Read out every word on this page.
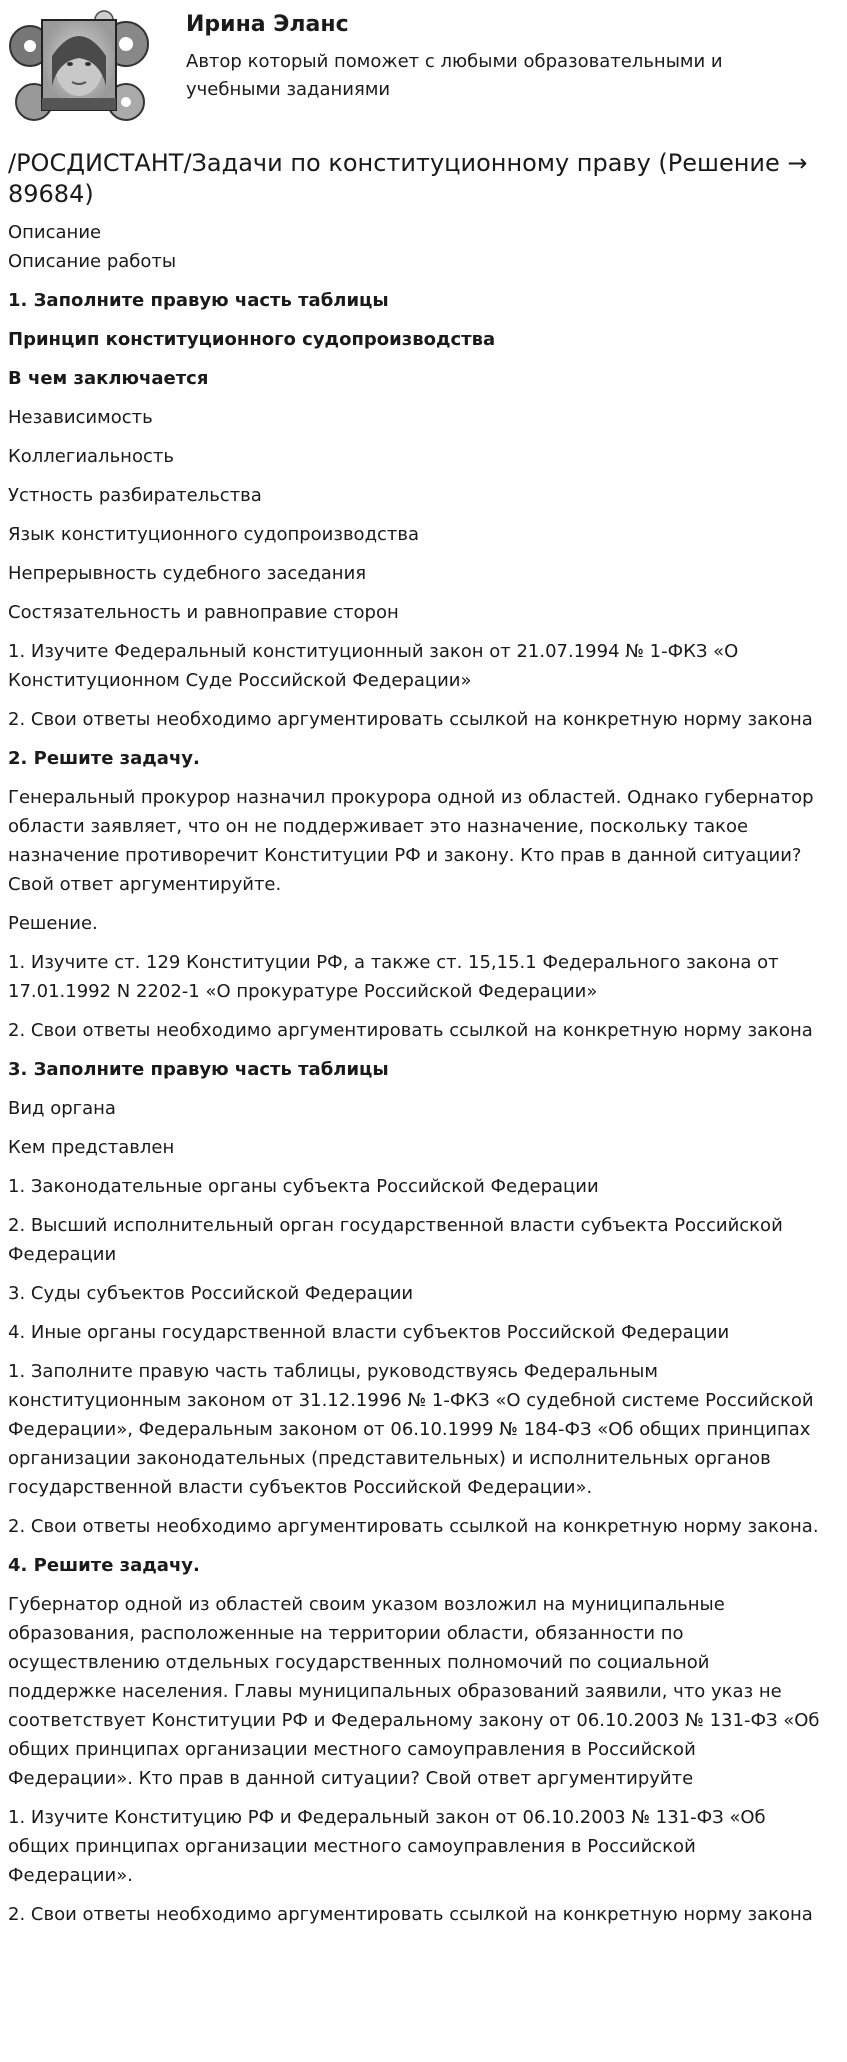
Ирина Эланс

Автор который поможет с любыми образовательными и учебными заданиями

/РОСДИСТАНТ/Задачи по конституционному праву (Решение → 89684)

Описание

Описание работы

1. Заполните правую часть таблицы

Принцип конституционного судопроизводства

В чем заключается

Независимость

Коллегиальность

Устность разбирательства

Язык конституционного судопроизводства

Непрерывность судебного заседания

Состязательность и равноправие сторон

1. Изучите Федеральный конституционный закон от 21.07.1994 № 1-ФКЗ «О Конституционном Суде Российской Федерации»

2. Свои ответы необходимо аргументировать ссылкой на конкретную норму закона

2. Решите задачу.

Генеральный прокурор назначил прокурора одной из областей. Однако губернатор области заявляет, что он не поддерживает это назначение, поскольку такое назначение противоречит Конституции РФ и закону. Кто прав в данной ситуации? Свой ответ аргументируйте.

Решение.

1. Изучите ст. 129 Конституции РФ, а также ст. 15,15.1 Федерального закона от 17.01.1992 N 2202-1 «О прокуратуре Российской Федерации»

2. Свои ответы необходимо аргументировать ссылкой на конкретную норму закона

3. Заполните правую часть таблицы

Вид органа

Кем представлен

1. Законодательные органы субъекта Российской Федерации

2. Высший исполнительный орган государственной власти субъекта Российской Федерации

3. Суды субъектов Российской Федерации

4. Иные органы государственной власти субъектов Российской Федерации

1. Заполните правую часть таблицы, руководствуясь Федеральным конституционным законом от 31.12.1996 № 1-ФКЗ «О судебной системе Российской Федерации», Федеральным законом от 06.10.1999 № 184-ФЗ «Об общих принципах организации законодательных (представительных) и исполнительных органов государственной власти субъектов Российской Федерации».

2. Свои ответы необходимо аргументировать ссылкой на конкретную норму закона.

4. Решите задачу.

Губернатор одной из областей своим указом возложил на муниципальные образования, расположенные на территории области, обязанности по осуществлению отдельных государственных полномочий по социальной поддержке населения. Главы муниципальных образований заявили, что указ не соответствует Конституции РФ и Федеральному закону от 06.10.2003 № 131-ФЗ «Об общих принципах организации местного самоуправления в Российской Федерации». Кто прав в данной ситуации? Свой ответ аргументируйте

1. Изучите Конституцию РФ и Федеральный закон от 06.10.2003 № 131-ФЗ «Об общих принципах организации местного самоуправления в Российской Федерации».

2. Свои ответы необходимо аргументировать ссылкой на конкретную норму закона
